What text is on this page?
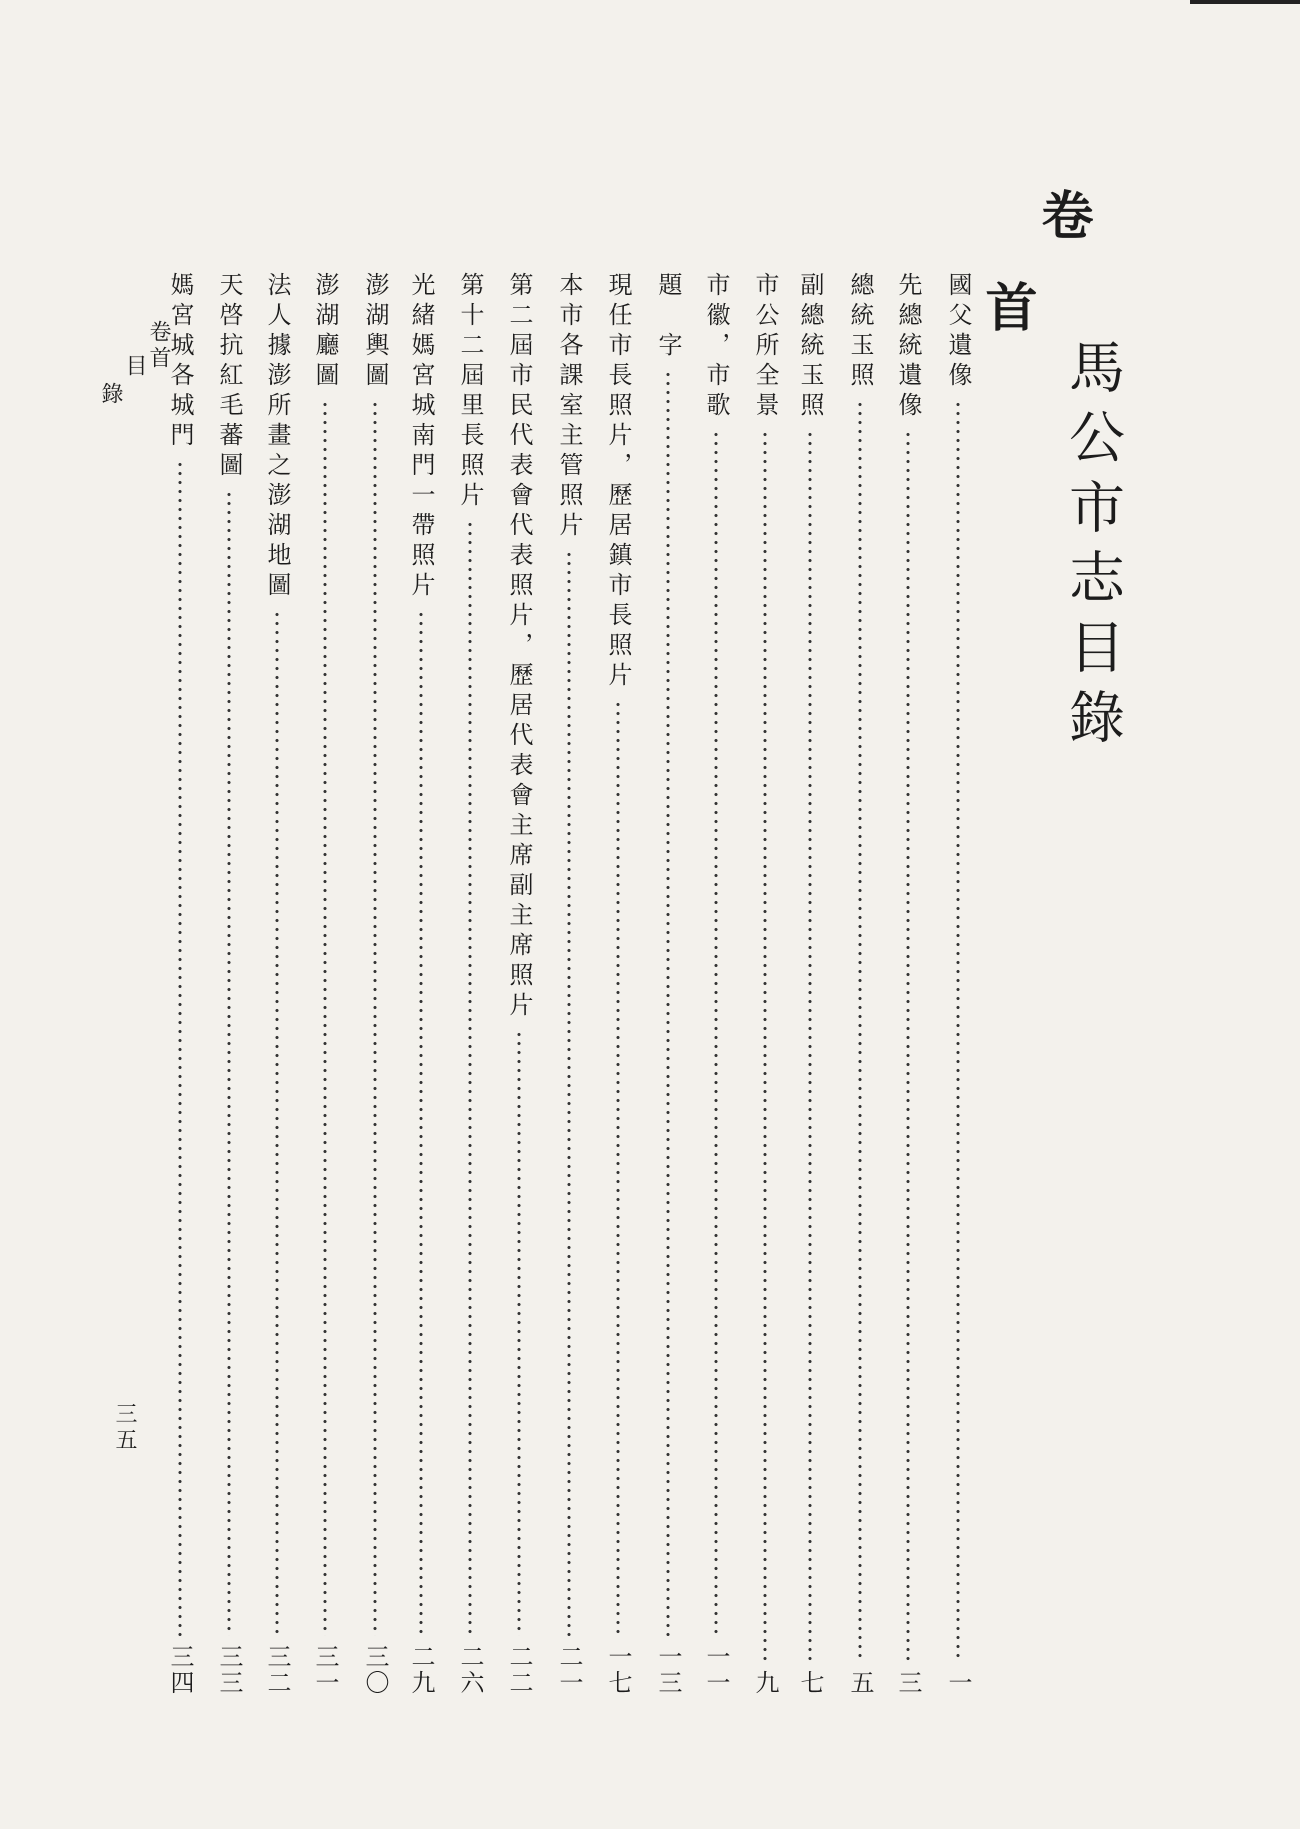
馬公市志目錄
卷
首
國父遺像
一
先總統遺像
三
總統玉照
五
副總統玉照
七
市公所全景
九
市徽，市歌
一一
題　字
一三
現任市長照片，歷居鎮市長照片
一七
本市各課室主管照片
二一
第二屆市民代表會代表照片，歷居代表會主席副主席照片
二二
第十二屆里長照片
二六
光緒媽宮城南門一帶照片
二九
澎湖輿圖
三〇
澎湖廳圖
三一
法人據澎所畫之澎湖地圖
三二
天啓抗紅毛蕃圖
三三
媽宮城各城門
三四
卷首
目
錄
三五
